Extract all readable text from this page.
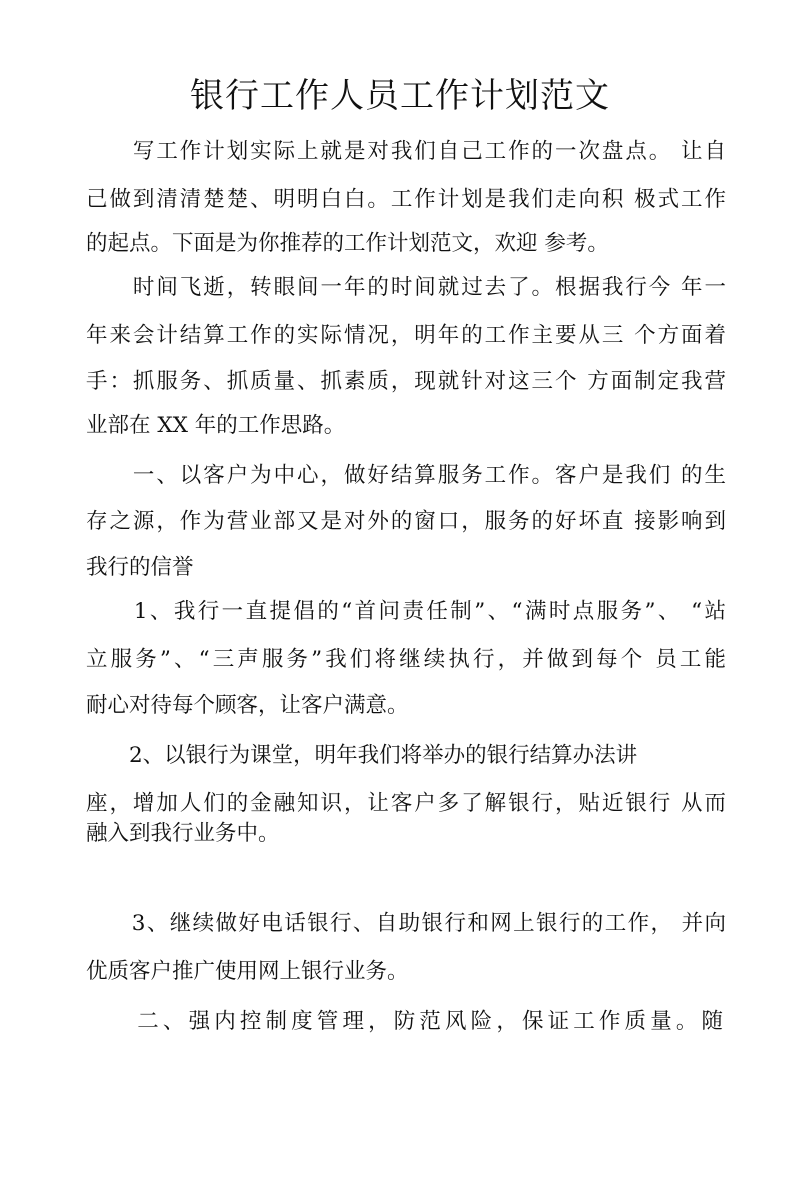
银行工作人员工作计划范文
　　写工作计划实际上就是对我们自己工作的一次盘点。 让自
己做到清清楚楚、明明白白。工作计划是我们走向积 极式工作
的起点。下面是为你推荐的工作计划范文，欢迎 参考。
　　时间飞逝，转眼间一年的时间就过去了。根据我行今 年一
年来会计结算工作的实际情况，明年的工作主要从三 个方面着
手：抓服务、抓质量、抓素质，现就针对这三个 方面制定我营
业部在 XX 年的工作思路。
　　一、以客户为中心，做好结算服务工作。客户是我们 的生
存之源，作为营业部又是对外的窗口，服务的好坏直 接影响到
我行的信誉
　　1、我行一直提倡的“首问责任制”、“满时点服务”、 “站
立服务”、“三声服务”我们将继续执行，并做到每个 员工能
耐心对待每个顾客，让客户满意。
　　2、以银行为课堂，明年我们将举办的银行结算办法讲
座，增加人们的金融知识，让客户多了解银行，贴近银行 从而
融入到我行业务中。
　　3、继续做好电话银行、自助银行和网上银行的工作， 并向
优质客户推广使用网上银行业务。
　　二、强内控制度管理，防范风险，保证工作质量。随
